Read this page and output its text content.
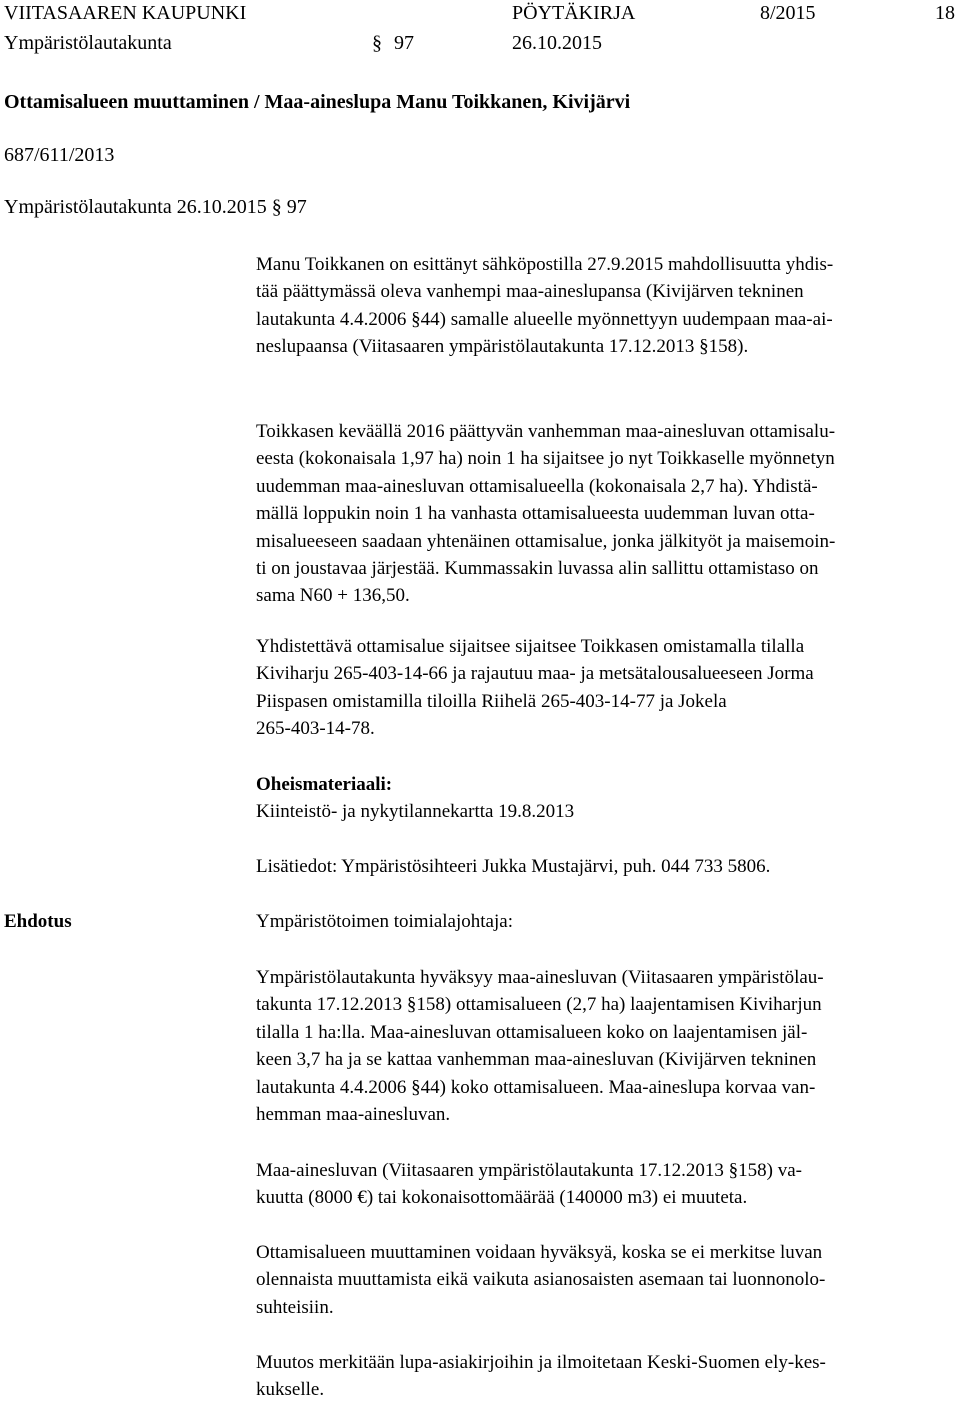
VIITASAAREN KAUPUNKI	PÖYTÄKIRJA	8/2015	18
Ympäristölautakunta	§ 97	26.10.2015
Ottamisalueen muuttaminen / Maa-aineslupa Manu Toikkanen, Kivijärvi
687/611/2013
Ympäristölautakunta 26.10.2015 § 97
Manu Toikkanen on esittänyt sähköpostilla 27.9.2015 mahdollisuutta yhdis-
tää päättymässä oleva vanhempi maa-aineslupansa (Kivijärven tekninen
lautakunta 4.4.2006 §44) samalle alueelle myönnettyyn uudempaan maa-ai-
neslupaansa (Viitasaaren ympäristölautakunta 17.12.2013 §158).
Toikkasen keväällä 2016 päättyvän vanhemman maa-ainesluvan ottamisalu-
eesta (kokonaisala 1,97 ha) noin 1 ha sijaitsee jo nyt Toikkaselle myönnetyn
uudemman maa-ainesluvan ottamisalueella (kokonaisala 2,7 ha). Yhdistä-
mällä loppukin noin 1 ha vanhasta ottamisalueesta uudemman luvan otta-
misalueeseen saadaan yhtenäinen ottamisalue, jonka jälkityöt ja maisemoin-
ti on joustavaa järjestää. Kummassakin luvassa alin sallittu ottamistaso on
sama N60 + 136,50.
Yhdistettävä ottamisalue sijaitsee sijaitsee Toikkasen omistamalla tilalla
Kiviharju 265-403-14-66 ja rajautuu maa- ja metsätalousalueeseen Jorma
Piispasen omistamilla tiloilla Riihelä 265-403-14-77 ja Jokela
265-403-14-78.
Oheismateriaali:
Kiinteistö- ja nykytilannekartta 19.8.2013
Lisätiedot: Ympäristösihteeri Jukka Mustajärvi, puh. 044 733 5806.
Ehdotus	Ympäristötoimen toimialajohtaja:
Ympäristölautakunta hyväksyy maa-ainesluvan (Viitasaaren ympäristölau-
takunta 17.12.2013 §158) ottamisalueen (2,7 ha) laajentamisen Kiviharjun
tilalla 1 ha:lla. Maa-ainesluvan ottamisalueen koko on laajentamisen jäl-
keen 3,7 ha ja se kattaa vanhemman maa-ainesluvan (Kivijärven tekninen
lautakunta 4.4.2006 §44) koko ottamisalueen. Maa-aineslupa korvaa van-
hemman maa-ainesluvan.
Maa-ainesluvan (Viitasaaren ympäristölautakunta 17.12.2013 §158) va-
kuutta (8000 €) tai kokonaisottomäärää (140000 m3) ei muuteta.
Ottamisalueen muuttaminen voidaan hyväksyä, koska se ei merkitse luvan
olennaista muuttamista eikä vaikuta asianosaisten asemaan tai luonnonolo-
suhteisiin.
Muutos merkitään lupa-asiakirjoihin ja ilmoitetaan Keski-Suomen ely-kes-
kukselle.
